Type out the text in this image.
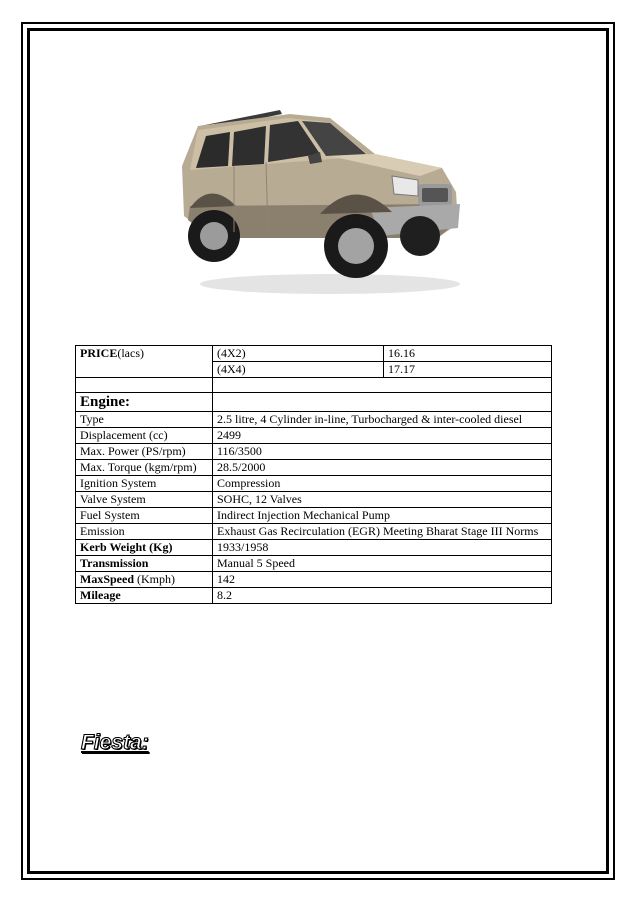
PRICE(lacs)	(4X2)	16.16
	(4X4)	17.17

Engine:		
Type	2.5 litre, 4 Cylinder in-line, Turbocharged & inter-cooled diesel	
Displacement (cc)	2499	
Max. Power (PS/rpm)	116/3500	
Max. Torque (kgm/rpm)	28.5/2000	
Ignition System	Compression	
Valve System	SOHC, 12 Valves	
Fuel System	Indirect Injection Mechanical Pump	
Emission	Exhaust Gas Recirculation (EGR) Meeting Bharat Stage III Norms	
Kerb Weight (Kg)	1933/1958	
Transmission	Manual 5 Speed	
MaxSpeed (Kmph)	142	
Mileage	8.2	
Fiesta:
